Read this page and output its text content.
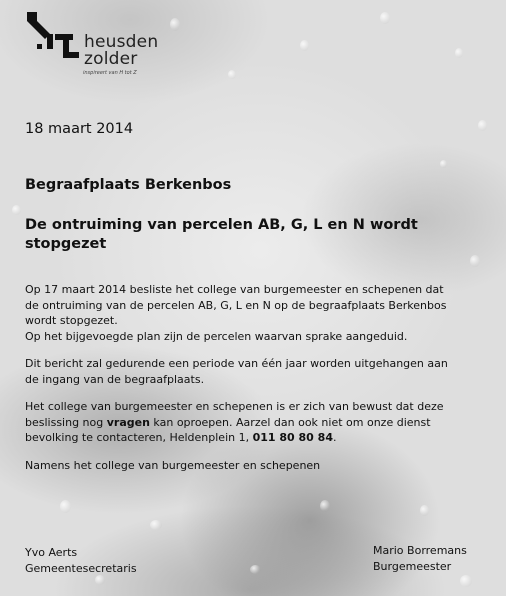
heusden
zolder
inspireert van H tot Z
18 maart 2014
Begraafplaats Berkenbos
De ontruiming van percelen AB, G, L en N wordt stopgezet

Op 17 maart 2014 besliste het college van burgemeester en schepenen dat

de ontruiming van de percelen AB, G, L en N op de begraafplaats Berkenbos

wordt stopgezet.

Op het bijgevoegde plan zijn de percelen waarvan sprake aangeduid.

Dit bericht zal gedurende een periode van één jaar worden uitgehangen aan

de ingang van de begraafplaats.

Het college van burgemeester en schepenen is er zich van bewust dat deze

beslissing nog vragen kan oproepen. Aarzel dan ook niet om onze dienst

bevolking te contacteren, Heldenplein 1, 011 80 80 84.

Namens het college van burgemeester en schepenen

Yvo Aerts
Gemeentesecretaris
Mario Borremans
Burgemeester
